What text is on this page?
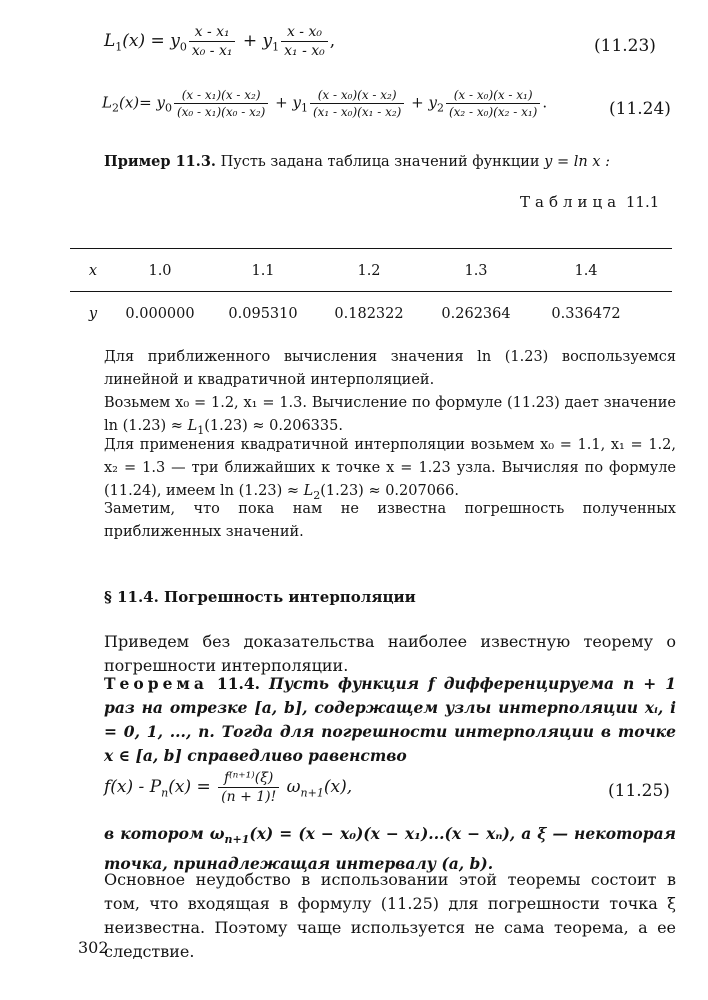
$L_1(x) = y_0 \frac{\text{x - x₁}}{\text{x₀ - x₁}} + y_1 \frac{\text{x - x₀}}{\text{x₁ - x₀}}$ ,	(11.23)
$L_2(x)= y_0 \frac{\text{(x - x₁)(x - x₂)}}{\text{(x₀ - x₁)(x₀ - x₂)}} + y_1 \frac{\text{(x - x₀)(x - x₂)}}{\text{(x₁ - x₀)(x₁ - x₂)}} + y_2 \frac{\text{(x - x₀)(x - x₁)}}{\text{(x₂ - x₀)(x₂ - x₁)}}$ .	(11.24)
Пример 11.3. Пусть задана таблица значений функции y = ln x :
Таблица 11.1
x	1.0	1.1	1.2	1.3	1.4	
y	0.000000	0.095310	0.182322	0.262364	0.336472	
Для приближенного вычисления значения ln (1.23) воспользуемся линейной и квадратичной интерполяцией.
Возьмем x₀ = 1.2, x₁ = 1.3. Вычисление по формуле (11.23) дает значение $\ln (1.23) \approx L_1(1.23) \approx 0.206335$.
Для применения квадратичной интерполяции возьмем x₀ = 1.1, x₁ = 1.2, x₂ = 1.3 — три ближайших к точке x = 1.23 узла. Вычисляя по формуле (11.24), имеем $\ln (1.23) \approx L_2(1.23) \approx 0.207066$.
Заметим, что пока нам не известна погрешность полученных приближенных значений.
§ 11.4. Погрешность интерполяции
Приведем без доказательства наиболее известную теорему о погрешности интерполяции.
Теорема 11.4. Пусть функция f дифференцируема n + 1 раз на отрезке [a, b], содержащем узлы интерполяции xᵢ, i = 0, 1, ..., n. Тогда для погрешности интерполяции в точке x ∈ [a, b] справедливо равенство
$f(x) - P_n(x) = \frac{\text{f⁽ⁿ⁺¹⁾(ξ)}}{(n + 1)!} \omega_{n+1}(x)$,	(11.25)
в котором $\omega_{n+1}(x) = (x - x_0)(x - x_1)...(x - x_n)$, а ξ — некоторая точка, принадлежащая интервалу (a, b).
Основное неудобство в использовании этой теоремы состоит в том, что входящая в формулу (11.25) для погрешности точка ξ неизвестна. Поэтому чаще используется не сама теорема, а ее следствие.
302
